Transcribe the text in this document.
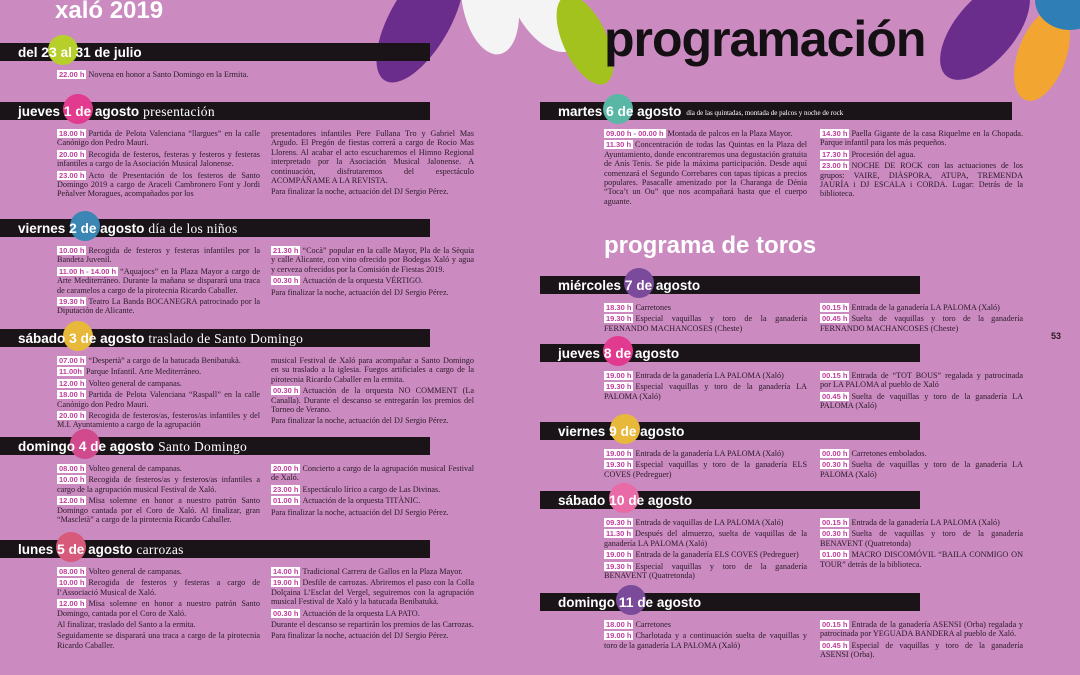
xaló 2019
programación
programa de toros
53
del 23 al 31 de julio
22.00 h Novena en honor a Santo Domingo en la Ermita.
jueves 1 de agosto presentación
18.00 h Partida de Pelota Valenciana “llargues” en la calle Canónigo don Pedro Mauri.
20.00 h Recogida de festeros, festeras y festeros y festeras infantiles a cargo de la Asociación Musical Jalonense.
23.00 h Acto de Presentación de los festeros de Santo Domingo 2019 a cargo de Araceli Cambronero Font y Jordi Peñalver Moragues, acompañados por los
presentadores infantiles Pere Fullana Tro y Gabriel Mas Argudo. El Pregón de fiestas correrá a cargo de Rocio Mas Llorens. Al acabar el acto escucharemos el Himno Regional interpretado por la Asociación Musical Jalonense. A continuación, disfrutaremos del espectáculo ACOMPÁÑAME A LA REVISTA.
Para finalizar la noche, actuación del DJ Sergio Pérez.
viernes 2 de agosto día de los niños
10.00 h Recogida de festeros y festeras infantiles por la Bandeta Juvenil.
11.00 h - 14.00 h “Aquajocs” en la Plaza Mayor a cargo de Arte Mediterráneo. Durante la mañana se disparará una traca de caramelos a cargo de la pirotecnia Ricardo Caballer.
19.30 h Teatro La Banda BOCANEGRA patrocinado por la Diputación de Alicante.
21.30 h “Cocà” popular en la calle Mayor, Pla de la Sèquia y calle Alicante, con vino ofrecido por Bodegas Xaló y agua y cerveza ofrecidos por la Comisión de Fiestas 2019.
00.30 h Actuación de la orquesta VÉRTIGO.
Para finalizar la noche, actuación del DJ Sergio Pérez.
sábado 3 de agosto traslado de Santo Domingo
07.00 h “Despertà” a cargo de la batucada Benibatukà.
11.00h Parque Infantil. Arte Mediterráneo.
12.00 h Volteo general de campanas.
18.00 h Partida de Pelota Valenciana “Raspall” en la calle Canónigo don Pedro Mauri.
20.00 h Recogida de festeros/as, festeros/as infantiles y del M.I. Ayuntamiento a cargo de la agrupación
musical Festival de Xaló para acompañar a Santo Domingo en su traslado a la iglesia. Fuegos artificiales a cargo de la pirotecnia Ricardo Caballer en la ermita.
00.30 h Actuación de la orquesta NO COMMENT (La Canalla). Durante el descanso se entregarán los premios del Torneo de Verano.
Para finalizar la noche, actuación del DJ Sergio Pérez.
domingo 4 de agosto Santo Domingo
08.00 h Volteo general de campanas.
10.00 h Recogida de festeros/as y festeros/as infantiles a cargo de la agrupación musical Festival de Xaló.
12.00 h Misa solemne en honor a nuestro patrón Santo Domingo cantada por el Coro de Xaló. Al finalizar, gran “Mascletà” a cargo de la pirotecnia Ricardo Caballer.
20.00 h Concierto a cargo de la agrupación musical Festival de Xaló.
23.00 h Espectáculo lírico a cargo de Las Divinas.
01.00 h Actuación de la orquesta TITÀNIC.
Para finalizar la noche, actuación del DJ Sergio Pérez.
lunes 5 de agosto carrozas
08.00 h Volteo general de campanas.
10.00 h Recogida de festeros y festeras a cargo de l’Associació Musical de Xaló.
12.00 h Misa solemne en honor a nuestro patrón Santo Domingo, cantada por el Coro de Xaló.
Al finalizar, traslado del Santo a la ermita.
Seguidamente se disparará una traca a cargo de la pirotecnia Ricardo Caballer.
14.00 h Tradicional Carrera de Gallos en la Plaza Mayor.
19.00 h Desfile de carrozas. Abriremos el paso con la Colla Dolçaina L’Esclat del Vergel, seguiremos con la agrupación musical Festival de Xaló y la batucada Benibatukà.
00.30 h Actuación de la orquesta LA PATO.
Durante el descanso se repartirán los premios de las Carrozas.
Para finalizar la noche, actuación del DJ Sergio Pérez.
martes 6 de agosto día de las quintadas, montada de palcos y noche de rock
09.00 h - 00.00 h Montada de palcos en la Plaza Mayor.
11.30 h Concentración de todas las Quintas en la Plaza del Ayuntamiento, donde encontraremos una degustación gratuita de Anís Tenis. Se pide la máxima participación. Desde aquí comenzará el Segundo Correbares con tapas típicas a precios populares. Pasacalle amenizado por la Charanga de Dénia “Toca’t un Ou” que nos acompañará hasta que el cuerpo aguante.
14.30 h Paella Gigante de la casa Riquelme en la Chopada. Parque infantil para los más pequeños.
17.30 h Procesión del agua.
23.00 h NOCHE DE ROCK con las actuaciones de los grupos: VAIRE, DIÀSPORA, ATUPA, TREMENDA JAURÍA i DJ ESCALA i CORDA. Lugar: Detrás de la biblioteca.
miércoles 7 de agosto
18.30 h Carretones
19.30 h Especial vaquillas y toro de la ganadería FERNANDO MACHANCOSES (Cheste)
00.15 h Entrada de la ganadería LA PALOMA (Xaló)
00.45 h Suelta de vaquillas y toro de la ganadería FERNANDO MACHANCOSES (Cheste)
jueves 8 de agosto
19.00 h Entrada de la ganadería LA PALOMA (Xaló)
19.30 h Especial vaquillas y toro de la ganadería LA PALOMA (Xaló)
00.15 h Entrada de “TOT BOUS” regalada y patrocinada por LA PALOMA al pueblo de Xaló
00.45 h Suelta de vaquillas y toro de la ganadería LA PALOMA (Xaló)
viernes 9 de agosto
19.00 h Entrada de la ganadería LA PALOMA (Xaló)
19.30 h Especial vaquillas y toro de la ganadería ELS COVES (Pedreguer)
00.00 h Carretones embolados.
00.30 h Suelta de vaquillas y toro de la ganadería LA PALOMA (Xaló)
sábado 10 de agosto
09.30 h Entrada de vaquillas de LA PALOMA (Xaló)
11.30 h Después del almuerzo, suelta de vaquillas de la ganadería LA PALOMA (Xaló)
19.00 h Entrada de la ganadería ELS COVES (Pedreguer)
19.30 h Especial vaquillas y toro de la ganadería BENAVENT (Quatretonda)
00.15 h Entrada de la ganadería LA PALOMA (Xaló)
00.30 h Suelta de vaquillas y toro de la ganadería BENAVENT (Quatretonda)
01.00 h MACRO DISCOMÓVIL “BAILA CONMIGO ON TOUR” detrás de la biblioteca.
domingo 11 de agosto
18.00 h Carretones
19.00 h Charlotada y a continuación suelta de vaquillas y toro de la ganadería LA PALOMA (Xaló)
00.15 h Entrada de la ganadería ASENSI (Orba) regalada y patrocinada por YEGUADA BANDERA al pueblo de Xaló.
00.45 h Especial de vaquillas y toro de la ganadería ASENSI (Orba).
